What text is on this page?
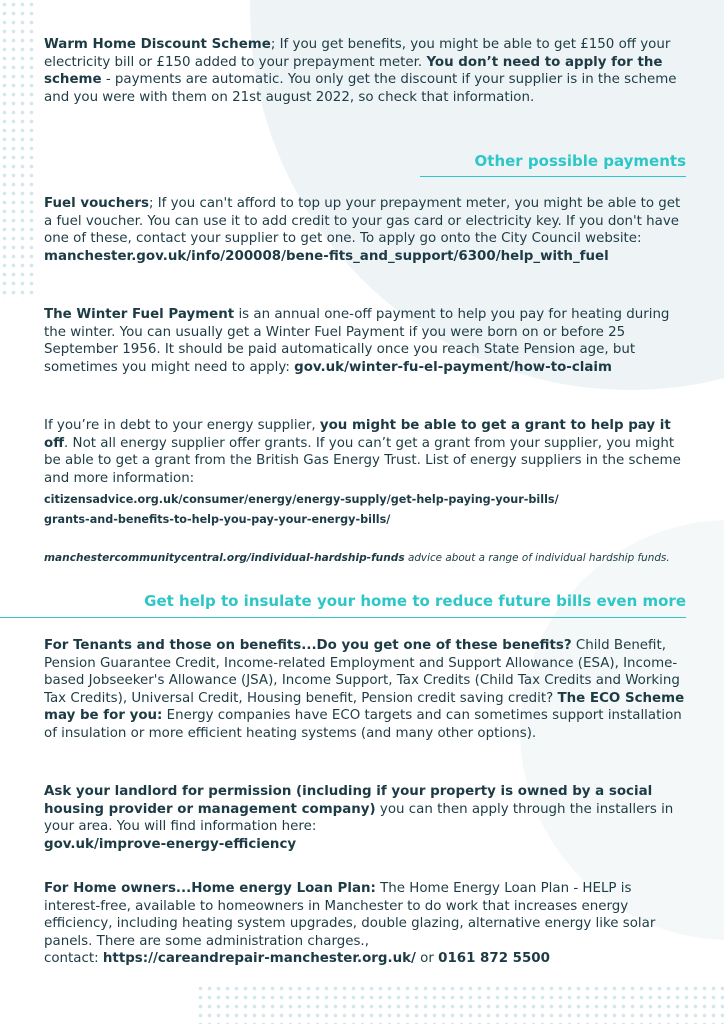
Warm Home Discount Scheme; If you get benefits, you might be able to get £150 off your electricity bill or £150 added to your prepayment meter. You don’t need to apply for the scheme - payments are automatic. You only get the discount if your supplier is in the scheme and you were with them on 21st august 2022, so check that information.

Other possible payments

Fuel vouchers; If you can't afford to top up your prepayment meter, you might be able to get a fuel voucher. You can use it to add credit to your gas card or electricity key. If you don't have one of these, contact your supplier to get one. To apply go onto the City Council website: manchester.gov.uk/info/200008/bene-fits_and_support/6300/help_with_fuel

The Winter Fuel Payment is an annual one-off payment to help you pay for heating during the winter. You can usually get a Winter Fuel Payment if you were born on or before 25 September 1956. It should be paid automatically once you reach State Pension age, but sometimes you might need to apply: gov.uk/winter-fu-el-payment/how-to-claim

If you’re in debt to your energy supplier, you might be able to get a grant to help pay it off. Not all energy supplier offer grants. If you can’t get a grant from your supplier, you might be able to get a grant from the British Gas Energy Trust. List of energy suppliers in the scheme and more information:

citizensadvice.org.uk/consumer/energy/energy-supply/get-help-paying-your-bills/
grants-and-benefits-to-help-you-pay-your-energy-bills/

manchestercommunitycentral.org/individual-hardship-funds advice about a range of individual hardship funds.

Get help to insulate your home to reduce future bills even more

For Tenants and those on benefits...Do you get one of these benefits? Child Benefit, Pension Guarantee Credit, Income-related Employment and Support Allowance (ESA), Income-based Jobseeker's Allowance (JSA), Income Support, Tax Credits (Child Tax Credits and Working Tax Credits), Universal Credit, Housing benefit, Pension credit saving credit? The ECO Scheme may be for you: Energy companies have ECO targets and can sometimes support installation of insulation or more efficient heating systems (and many other options).

Ask your landlord for permission (including if your property is owned by a social housing provider or management company) you can then apply through the installers in your area. You will find information here:
gov.uk/improve-energy-efficiency

For Home owners...Home energy Loan Plan: The Home Energy Loan Plan - HELP is interest-free, available to homeowners in Manchester to do work that increases energy efficiency, including heating system upgrades, double glazing, alternative energy like solar panels. There are some administration charges.,
contact: https://careandrepair-manchester.org.uk/ or 0161 872 5500
